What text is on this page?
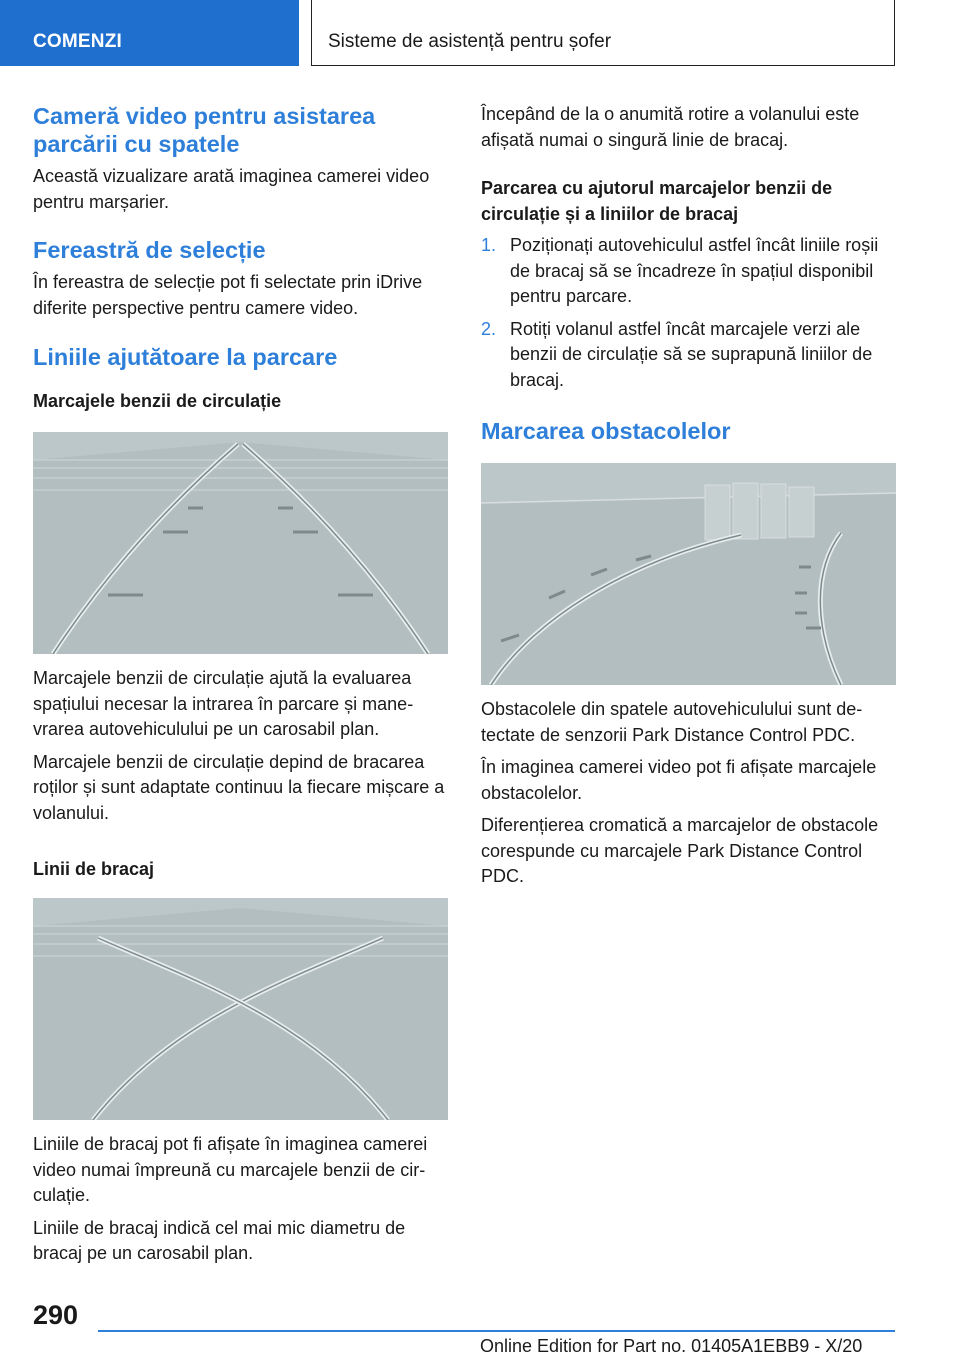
COMENZI	Sisteme de asistență pentru șofer
Cameră video pentru asistarea parcării cu spatele

Această vizualizare arată imaginea camerei video pentru marșarier.

Fereastră de selecție

În fereastra de selecție pot fi selectate prin iDrive diferite perspective pentru camere video.

Liniile ajutătoare la parcare
Marcajele benzii de circulație

Marcajele benzii de circulație ajută la evaluarea spațiului necesar la intrarea în parcare și manevrarea autovehiculului pe un carosabil plan.

Marcajele benzii de circulație depind de bracarea roților și sunt adaptate continuu la fiecare mișcare a volanului.

Linii de bracaj

Liniile de bracaj pot fi afișate în imaginea camerei video numai împreună cu marcajele benzii de circulație.

Liniile de bracaj indică cel mai mic diametru de bracaj pe un carosabil plan.

Începând de la o anumită rotire a volanului este afișată numai o singură linie de bracaj.

Parcarea cu ajutorul marcajelor benzii de circulație și a liniilor de bracaj
1. Poziționați autovehiculul astfel încât liniile roșii de bracaj să se încadreze în spațiul disponibil pentru parcare.
2. Rotiți volanul astfel încât marcajele verzi ale benzii de circulație să se suprapună liniilor de bracaj.
Marcarea obstacolelor

Obstacolele din spatele autovehiculului sunt detectate de senzorii Park Distance Control PDC.

În imaginea camerei video pot fi afișate marcajele obstacolelor.

Diferențierea cromatică a marcajelor de obstacole corespunde cu marcajele Park Distance Control PDC.

290
Online Edition for Part no. 01405A1EBB9 - X/20
